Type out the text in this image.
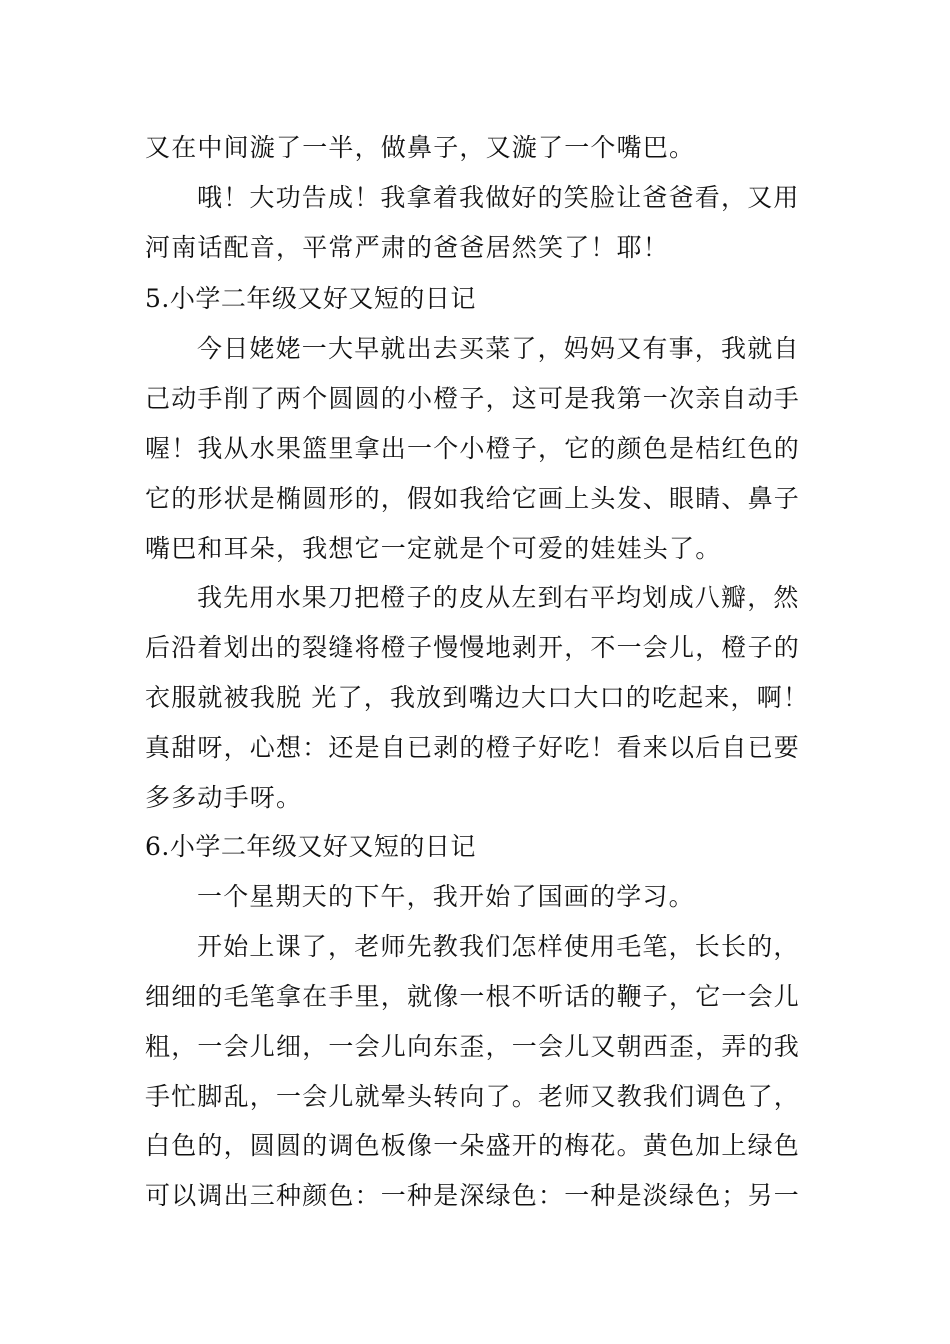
又在中间漩了一半，做鼻子，又漩了一个嘴巴。
哦！大功告成！我拿着我做好的笑脸让爸爸看，又用
河南话配音，平常严肃的爸爸居然笑了！耶！
5.小学二年级又好又短的日记
今日姥姥一大早就出去买菜了，妈妈又有事，我就自
己动手削了两个圆圆的小橙子，这可是我第一次亲自动手
喔！我从水果篮里拿出一个小橙子，它的颜色是桔红色的
它的形状是椭圆形的，假如我给它画上头发、眼睛、鼻子
嘴巴和耳朵，我想它一定就是个可爱的娃娃头了。
我先用水果刀把橙子的皮从左到右平均划成八瓣，然
后沿着划出的裂缝将橙子慢慢地剥开，不一会儿，橙子的
衣服就被我脱 光了，我放到嘴边大口大口的吃起来，啊！
真甜呀，心想：还是自已剥的橙子好吃！看来以后自已要
多多动手呀。
6.小学二年级又好又短的日记
一个星期天的下午，我开始了国画的学习。
开始上课了，老师先教我们怎样使用毛笔，长长的，
细细的毛笔拿在手里，就像一根不听话的鞭子，它一会儿
粗，一会儿细，一会儿向东歪，一会儿又朝西歪，弄的我
手忙脚乱，一会儿就晕头转向了。老师又教我们调色了，
白色的，圆圆的调色板像一朵盛开的梅花。黄色加上绿色
可以调出三种颜色：一种是深绿色：一种是淡绿色；另一
